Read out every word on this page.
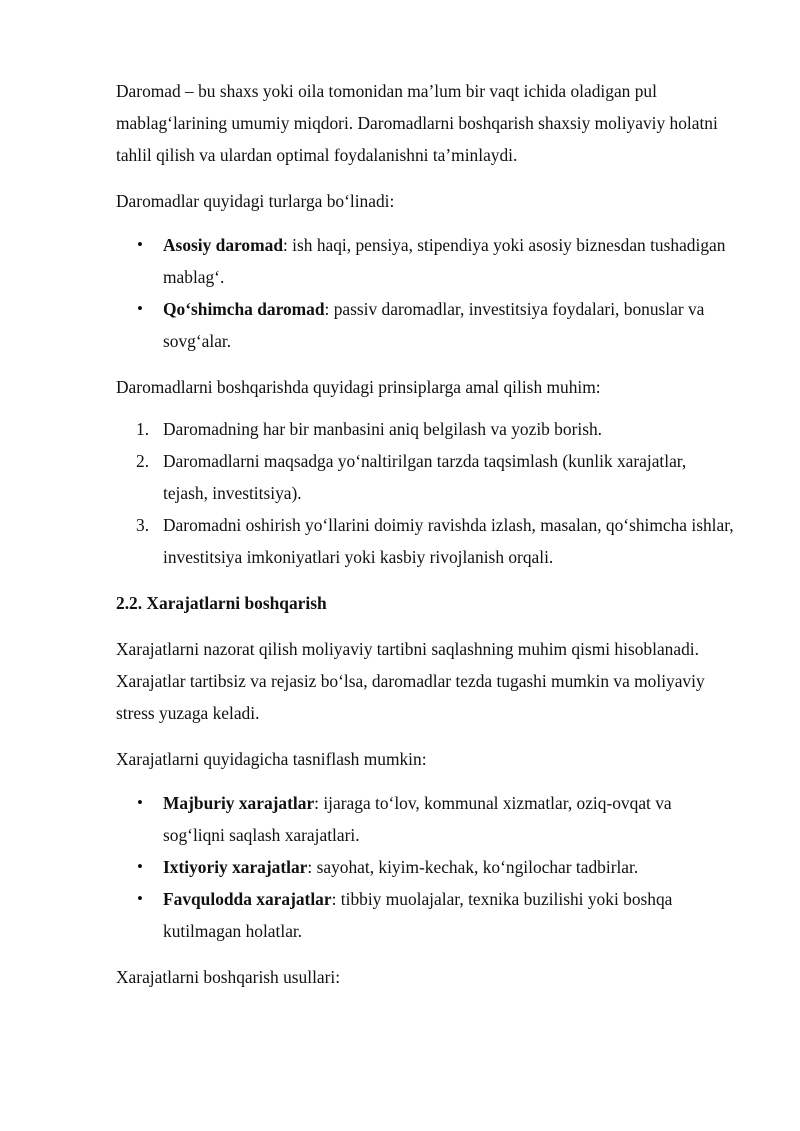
Daromad – bu shaxs yoki oila tomonidan maʼlum bir vaqt ichida oladigan pul mablagʻlarining umumiy miqdori. Daromadlarni boshqarish shaxsiy moliyaviy holatni tahlil qilish va ulardan optimal foydalanishni taʼminlaydi.

Daromadlar quyidagi turlarga boʻlinadi:

• Asosiy daromad: ish haqi, pensiya, stipendiya yoki asosiy biznesdan tushadigan mablagʻ.
• Qoʻshimcha daromad: passiv daromadlar, investitsiya foydalari, bonuslar va sovgʻalar.

Daromadlarni boshqarishda quyidagi prinsiplarga amal qilish muhim:

1. Daromadning har bir manbasini aniq belgilash va yozib borish.
2. Daromadlarni maqsadga yoʻnaltirilgan tarzda taqsimlash (kunlik xarajatlar, tejash, investitsiya).
3. Daromadni oshirish yoʻllarini doimiy ravishda izlash, masalan, qoʻshimcha ishlar, investitsiya imkoniyatlari yoki kasbiy rivojlanish orqali.

2.2. Xarajatlarni boshqarish

Xarajatlarni nazorat qilish moliyaviy tartibni saqlashning muhim qismi hisoblanadi. Xarajatlar tartibsiz va rejasiz boʻlsa, daromadlar tezda tugashi mumkin va moliyaviy stress yuzaga keladi.

Xarajatlarni quyidagicha tasniflash mumkin:

• Majburiy xarajatlar: ijaraga toʻlov, kommunal xizmatlar, oziq-ovqat va sogʻliqni saqlash xarajatlari.
• Ixtiyoriy xarajatlar: sayohat, kiyim-kechak, koʻngilochar tadbirlar.
• Favqulodda xarajatlar: tibbiy muolajalar, texnika buzilishi yoki boshqa kutilmagan holatlar.

Xarajatlarni boshqarish usullari:
